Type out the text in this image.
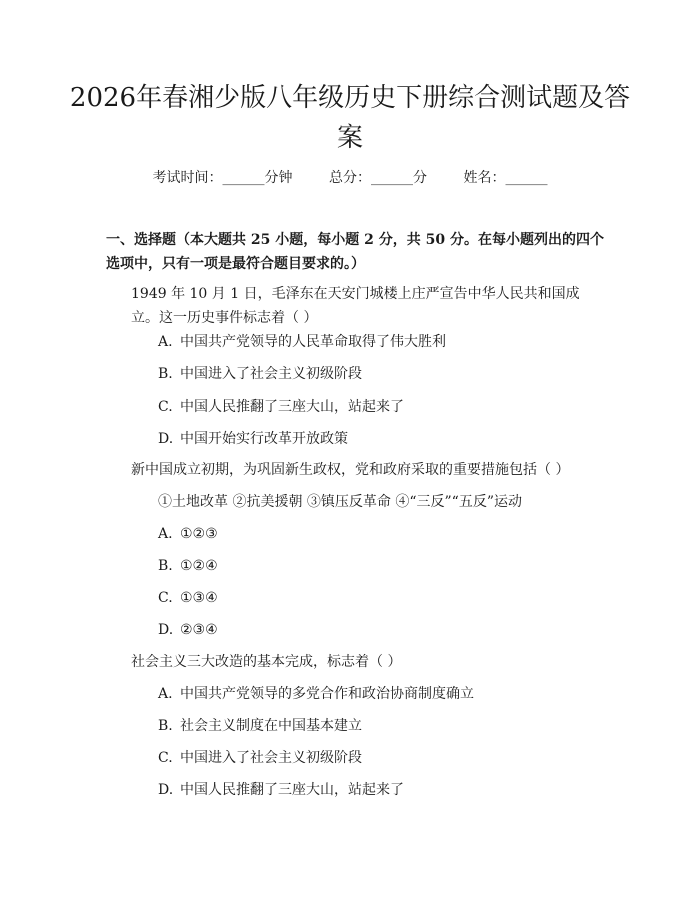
2026年春湘少版八年级历史下册综合测试题及答案
考试时间：______分钟	总分：______分	姓名：______

一、选择题（本大题共 25 小题，每小题 2 分，共 50 分。在每小题列出的四个选项中，只有一项是最符合题目要求的。）

1949 年 10 月 1 日，毛泽东在天安门城楼上庄严宣告中华人民共和国成立。这一历史事件标志着（ ）
A. 中国共产党领导的人民革命取得了伟大胜利
B. 中国进入了社会主义初级阶段
C. 中国人民推翻了三座大山，站起来了
D. 中国开始实行改革开放政策
新中国成立初期，为巩固新生政权，党和政府采取的重要措施包括（ ）
①土地改革 ②抗美援朝 ③镇压反革命 ④“三反”“五反”运动
A. ①②③
B. ①②④
C. ①③④
D. ②③④
社会主义三大改造的基本完成，标志着（ ）
A. 中国共产党领导的多党合作和政治协商制度确立
B. 社会主义制度在中国基本建立
C. 中国进入了社会主义初级阶段
D. 中国人民推翻了三座大山，站起来了
